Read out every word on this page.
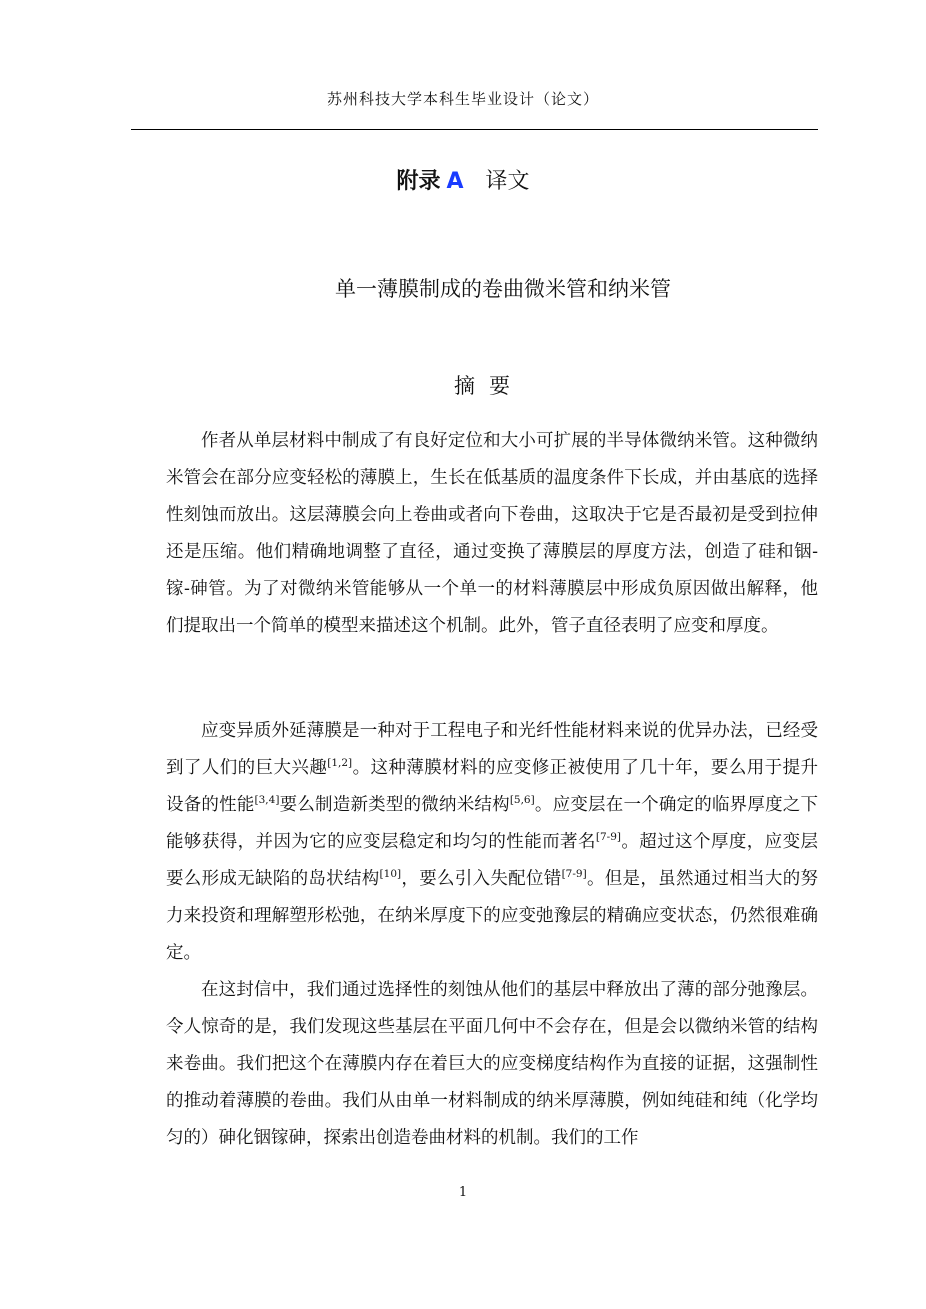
苏州科技大学本科生毕业设计（论文）
附录 A 译文
单一薄膜制成的卷曲微米管和纳米管
摘要

作者从单层材料中制成了有良好定位和大小可扩展的半导体微纳米管。这种微纳米管会在部分应变轻松的薄膜上，生长在低基质的温度条件下长成，并由基底的选择性刻蚀而放出。这层薄膜会向上卷曲或者向下卷曲，这取决于它是否最初是受到拉伸还是压缩。他们精确地调整了直径，通过变换了薄膜层的厚度方法，创造了硅和铟-镓-砷管。为了对微纳米管能够从一个单一的材料薄膜层中形成负原因做出解释，他们提取出一个简单的模型来描述这个机制。此外，管子直径表明了应变和厚度。

应变异质外延薄膜是一种对于工程电子和光纤性能材料来说的优异办法，已经受到了人们的巨大兴趣[1,2]。这种薄膜材料的应变修正被使用了几十年，要么用于提升设备的性能[3,4]要么制造新类型的微纳米结构[5,6]。应变层在一个确定的临界厚度之下能够获得，并因为它的应变层稳定和均匀的性能而著名[7-9]。超过这个厚度，应变层要么形成无缺陷的岛状结构[10]，要么引入失配位错[7-9]。但是，虽然通过相当大的努力来投资和理解塑形松弛，在纳米厚度下的应变弛豫层的精确应变状态，仍然很难确定。

在这封信中，我们通过选择性的刻蚀从他们的基层中释放出了薄的部分弛豫层。令人惊奇的是，我们发现这些基层在平面几何中不会存在，但是会以微纳米管的结构来卷曲。我们把这个在薄膜内存在着巨大的应变梯度结构作为直接的证据，这强制性的推动着薄膜的卷曲。我们从由单一材料制成的纳米厚薄膜，例如纯硅和纯（化学均匀的）砷化铟镓砷，探索出创造卷曲材料的机制。我们的工作

1
